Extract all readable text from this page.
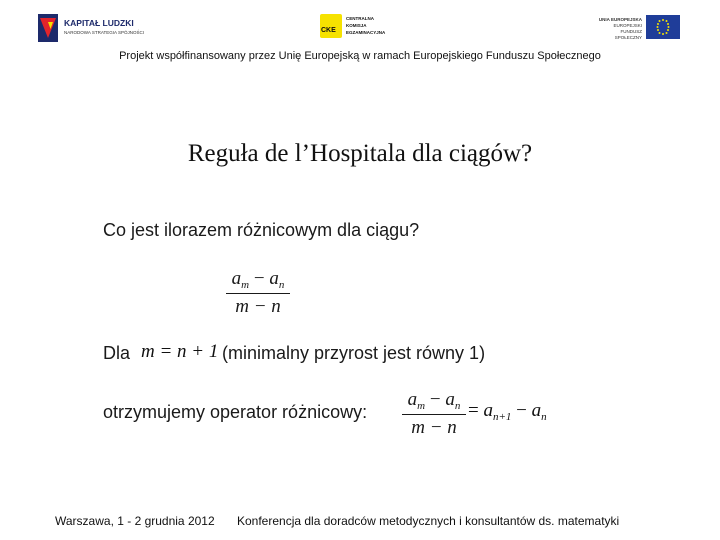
KAPITAŁ LUDZKI
NARODOWA STRATEGIA SPÓJNOŚCI	CKE
CENTRALNA
KOMISJA
EGZAMINACYJNA
UNIA EUROPEJSKA
EUROPEJSKI
FUNDUSZ SPOŁECZNY
Projekt współfinansowany przez Unię Europejską w ramach Europejskiego Funduszu Społecznego
Reguła de l’Hospitala dla ciągów?
Co jest ilorazem różnicowym dla ciągu?
$a_m - a_n$
m − n
Dla m = n + 1 (minimalny przyrost jest równy 1)
otrzymujemy operator różnicowy:
$a_m - a_n$
m − n
= $a_{n+1} - a_n$
Warszawa, 1 - 2 grudnia 2012 Konferencja dla doradców metodycznych i konsultantów ds. matematyki
